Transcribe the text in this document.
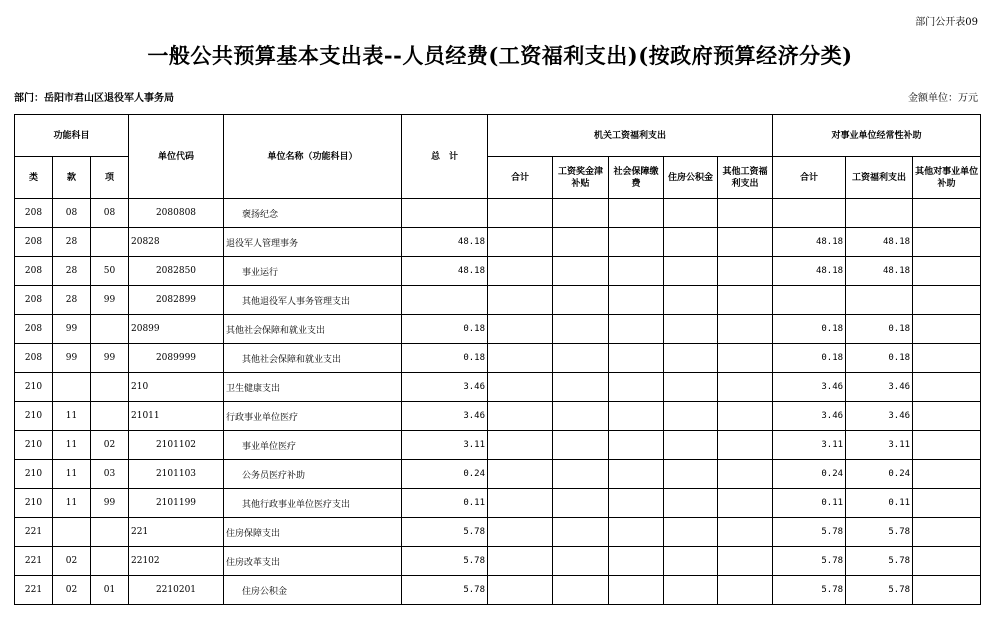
部门公开表09
一般公共预算基本支出表--人员经费(工资福利支出)(按政府预算经济分类)
部门：岳阳市君山区退役军人事务局	金额单位：万元
功能科目			单位代码	单位名称（功能科目）	总　计	机关工资福利支出					对事业单位经常性补助		
类	款	项				合计	工资奖金津补贴	社会保障缴费	住房公积金	其他工资福利支出	合计	工资福利支出	其他对事业单位补助
208	08	08	2080808	褒扬纪念									
208	28		20828	退役军人管理事务	48.18						48.18	48.18	
208	28	50	2082850	事业运行	48.18						48.18	48.18	
208	28	99	2082899	其他退役军人事务管理支出									
208	99		20899	其他社会保障和就业支出	0.18						0.18	0.18	
208	99	99	2089999	其他社会保障和就业支出	0.18						0.18	0.18	
210			210	卫生健康支出	3.46						3.46	3.46	
210	11		21011	行政事业单位医疗	3.46						3.46	3.46	
210	11	02	2101102	事业单位医疗	3.11						3.11	3.11	
210	11	03	2101103	公务员医疗补助	0.24						0.24	0.24	
210	11	99	2101199	其他行政事业单位医疗支出	0.11						0.11	0.11	
221			221	住房保障支出	5.78						5.78	5.78	
221	02		22102	住房改革支出	5.78						5.78	5.78	
221	02	01	2210201	住房公积金	5.78						5.78	5.78	
